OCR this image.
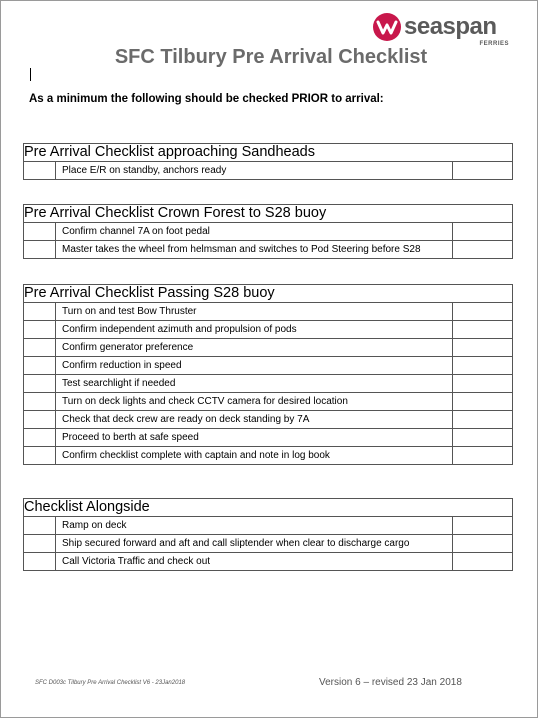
seaspan
FERRIES
SFC Tilbury Pre Arrival Checklist
As a minimum the following should be checked PRIOR to arrival:
Pre Arrival Checklist approaching Sandheads
	Place E/R on standby, anchors ready	
Pre Arrival Checklist Crown Forest to S28 buoy		
	Confirm channel 7A on foot pedal	
	Master takes the wheel from helmsman and switches to Pod Steering before S28	
Pre Arrival Checklist Passing S28 buoy		
	Turn on and test Bow Thruster	
	Confirm independent azimuth and propulsion of pods	
	Confirm generator preference	
	Confirm reduction in speed	
	Test searchlight if needed	
	Turn on deck lights and check CCTV camera for desired location	
	Check that deck crew are ready on deck standing by 7A	
	Proceed to berth at safe speed	
	Confirm checklist complete with captain and note in log book	
Checklist Alongside		
	Ramp on deck	
	Ship secured forward and aft and call sliptender when clear to discharge cargo	
	Call Victoria Traffic and check out	
SFC D003c Tilbury Pre Arrival Checklist V6 - 23Jan2018	Version 6 – revised 23 Jan 2018
